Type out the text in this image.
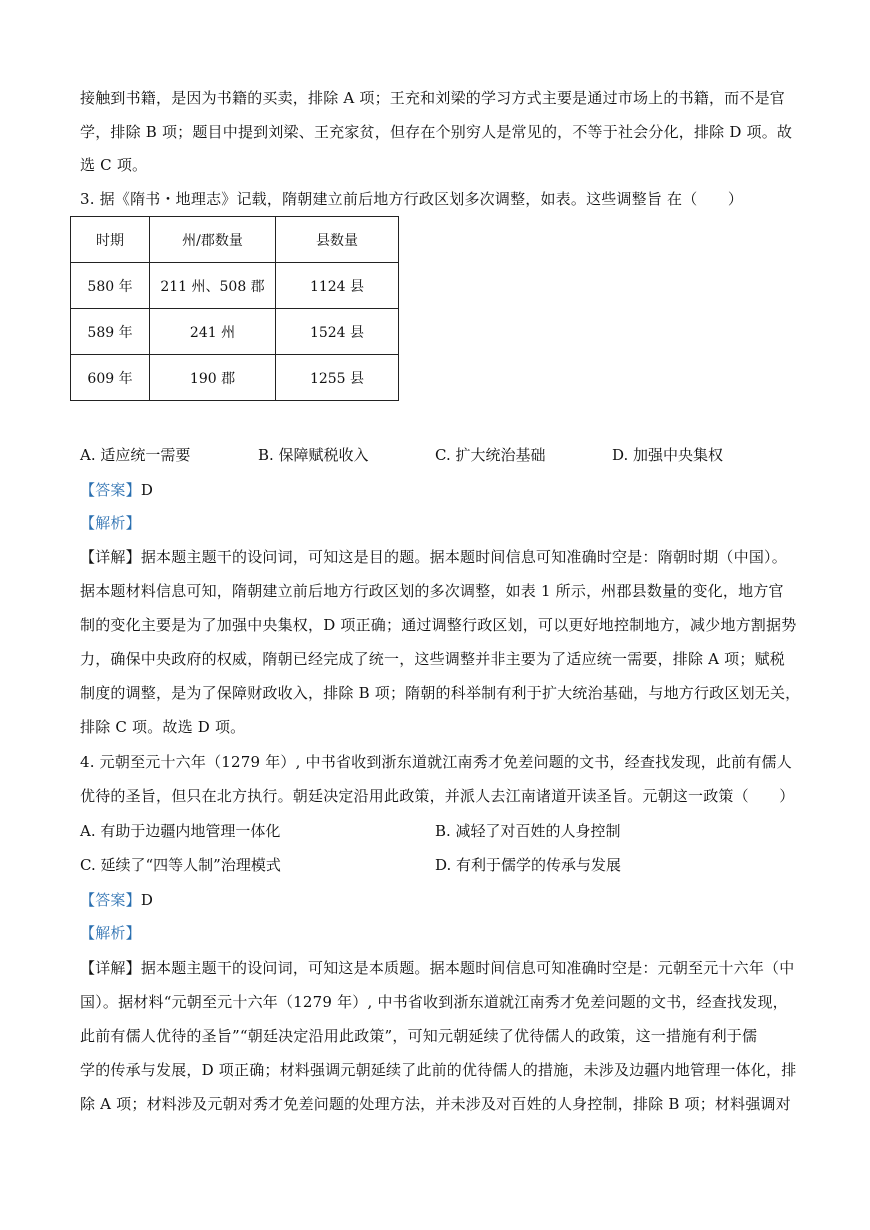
接触到书籍，是因为书籍的买卖，排除 A 项；王充和刘梁的学习方式主要是通过市场上的书籍，而不是官
学，排除 B 项；题目中提到刘梁、王充家贫，但存在个别穷人是常见的，不等于社会分化，排除 D 项。故
选 C 项。
3. 据《隋书・地理志》记载，隋朝建立前后地方行政区划多次调整，如表。这些调整旨 在（　　）
时期	州/郡数量	县数量
580 年	211 州、508 郡	1124 县
589 年	241 州	1524 县
609 年	190 郡	1255 县
A. 适应统一需要	B. 保障赋税收入	C. 扩大统治基础	D. 加强中央集权
【答案】D
【解析】
【详解】据本题主题干的设问词，可知这是目的题。据本题时间信息可知准确时空是：隋朝时期（中国）。
据本题材料信息可知，隋朝建立前后地方行政区划的多次调整，如表 1 所示，州郡县数量的变化，地方官
制的变化主要是为了加强中央集权，D 项正确；通过调整行政区划，可以更好地控制地方，减少地方割据势
力，确保中央政府的权威，隋朝已经完成了统一，这些调整并非主要为了适应统一需要，排除 A 项；赋税
制度的调整，是为了保障财政收入，排除 B 项；隋朝的科举制有利于扩大统治基础，与地方行政区划无关，
排除 C 项。故选 D 项。
4. 元朝至元十六年（1279 年）, 中书省收到浙东道就江南秀才免差问题的文书，经查找发现，此前有儒人
优待的圣旨，但只在北方执行。朝廷决定沿用此政策，并派人去江南诸道开读圣旨。元朝这一政策（　　）
A. 有助于边疆内地管理一体化	B. 减轻了对百姓的人身控制
C. 延续了“四等人制”治理模式	D. 有利于儒学的传承与发展
【答案】D
【解析】
【详解】据本题主题干的设问词，可知这是本质题。据本题时间信息可知准确时空是：元朝至元十六年（中
国）。据材料“元朝至元十六年（1279 年）, 中书省收到浙东道就江南秀才免差问题的文书，经查找发现，
此前有儒人优待的圣旨”“朝廷决定沿用此政策”，可知元朝延续了优待儒人的政策，这一措施有利于儒
学的传承与发展，D 项正确；材料强调元朝延续了此前的优待儒人的措施，未涉及边疆内地管理一体化，排
除 A 项；材料涉及元朝对秀才免差问题的处理方法，并未涉及对百姓的人身控制，排除 B 项；材料强调对
